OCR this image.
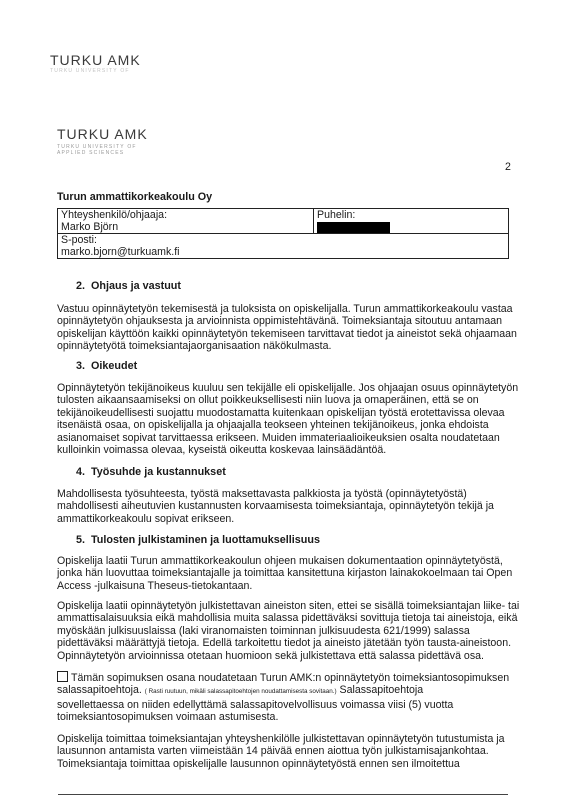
TURKU AMK
TURKU UNIVERSITY OF
TURKU AMK
TURKU UNIVERSITY OF
APPLIED SCIENCES
2
Turun ammattikorkeakoulu Oy
Yhteyshenkilö/ohjaaja:
Marko Björn

Puhelin:

S-posti:
marko.bjorn@turkuamk.fi
2. Ohjaus ja vastuut
Vastuu opinnäytetyön tekemisestä ja tuloksista on opiskelijalla. Turun ammattikorkeakoulu vastaa
opinnäytetyön ohjauksesta ja arvioinnista oppimistehtävänä. Toimeksiantaja sitoutuu antamaan
opiskelijan käyttöön kaikki opinnäytetyön tekemiseen tarvittavat tiedot ja aineistot sekä ohjaamaan
opinnäytetyötä toimeksiantajaorganisaation näkökulmasta.
3. Oikeudet
Opinnäytetyön tekijänoikeus kuuluu sen tekijälle eli opiskelijalle. Jos ohjaajan osuus opinnäytetyön
tulosten aikaansaamiseksi on ollut poikkeuksellisesti niin luova ja omaperäinen, että se on
tekijänoikeudellisesti suojattu muodostamatta kuitenkaan opiskelijan työstä erotettavissa olevaa
itsenäistä osaa, on opiskelijalla ja ohjaajalla teokseen yhteinen tekijänoikeus, jonka ehdoista
asianomaiset sopivat tarvittaessa erikseen. Muiden immateriaalioikeuksien osalta noudatetaan
kulloinkin voimassa olevaa, kyseistä oikeutta koskevaa lainsäädäntöä.
4. Työsuhde ja kustannukset
Mahdollisesta työsuhteesta, työstä maksettavasta palkkiosta ja työstä (opinnäytetyöstä)
mahdollisesti aiheutuvien kustannusten korvaamisesta toimeksiantaja, opinnäytetyön tekijä ja
ammattikorkeakoulu sopivat erikseen.
5. Tulosten julkistaminen ja luottamuksellisuus
Opiskelija laatii Turun ammattikorkeakoulun ohjeen mukaisen dokumentaation opinnäytetyöstä,
jonka hän luovuttaa toimeksiantajalle ja toimittaa kansitettuna kirjaston lainakokoelmaan tai Open
Access -julkaisuna Theseus-tietokantaan.
Opiskelija laatii opinnäytetyön julkistettavan aineiston siten, ettei se sisällä toimeksiantajan liike- tai
ammattisalaisuuksia eikä mahdollisia muita salassa pidettäväksi sovittuja tietoja tai aineistoja, eikä
myöskään julkisuuslaissa (laki viranomaisten toiminnan julkisuudesta 621/1999) salassa
pidettäväksi määrättyjä tietoja. Edellä tarkoitettu tiedot ja aineisto jätetään työn tausta-aineistoon.
Opinnäytetyön arvioinnissa otetaan huomioon sekä julkistettava että salassa pidettävä osa.
Tämän sopimuksen osana noudatetaan Turun AMK:n opinnäytetyön toimeksiantosopimuksen
salassapitoehtoja. ( Rasti ruutuun, mikäli salassapitoehtojen noudattamisesta sovitaan.) Salassapitoehtoja
sovellettaessa on niiden edellyttämä salassapitovelvollisuus voimassa viisi (5) vuotta
toimeksiantosopimuksen voimaan astumisesta.
Opiskelija toimittaa toimeksiantajan yhteyshenkilölle julkistettavan opinnäytetyön tutustumista ja
lausunnon antamista varten viimeistään 14 päivää ennen aiottua työn julkistamisajankohtaa.
Toimeksiantaja toimittaa opiskelijalle lausunnon opinnäytetyöstä ennen sen ilmoitettua
